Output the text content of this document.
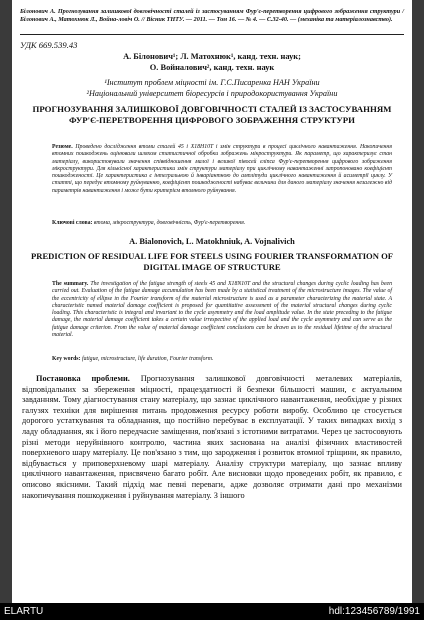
Білонович А. Прогнозування залишкової довговічності сталей із застосуванням Фур'є-перетворення цифрового зображення структури / Білонович А., Матохнюк Л., Война-ловіч О. // Вісник ТНТУ. — 2011. — Том 16. — № 4. — С.32-40. — (механіка та матеріалознавство).
УДК 669.539.43
А. Білонович¹; Л. Матохнюк¹, канд. техн. наук;
О. Войналович², канд. техн. наук
¹Інститут проблем міцності ім. Г.С.Писаренка НАН України
²Національний університет біоресурсів і природокористування України
ПРОГНОЗУВАННЯ ЗАЛИШКОВОЇ ДОВГОВІЧНОСТІ СТАЛЕЙ ІЗ ЗАСТОСУВАННЯМ ФУР'Є-ПЕРЕТВОРЕННЯ ЦИФРОВОГО ЗОБРАЖЕННЯ СТРУКТУРИ
Резюме. Проведено дослідження втоми сталей 45 і Х18Н10Т і змін структури в процесі циклічного навантаження. Накопичення втомних пошкоджень оцінювали шляхом статистичної обробки зображень мікроструктури. Як параметр, що характеризує стан матеріалу, використовували значення співвідношення малої і великої півосей еліпса Фур'є-перетворення цифрового зображення мікроструктури. Для кількісної характеристики змін структури матеріалу при циклічному навантаженні запропоновано коефіцієнт пошкодженості. Це характеристика є інтегральною й інваріантною до амплітуди циклічного навантаження й асиметрії циклу. У статті, що передує втомному руйнуванню, коефіцієнт пошкодженості набуває величини для даного матеріалу значення незалежно від параметрів навантаження і може бути критерієм втомного руйнування.
Ключові слова: втома, мікроструктура, довговічність, Фур'є-перетворення.
A. Bialonovich, L. Matokhniuk, A. Vojnalivich
PREDICTION OF RESIDUAL LIFE FOR STEELS USING FOURIER TRANSFORMATION OF DIGITAL IMAGE OF STRUCTURE
The summary. The investigation of the fatigue strength of steels 45 and X18N10T and the structural changes during cyclic loading has been carried out. Evaluation of the fatigue damage accumulation has been made by a statistical treatment of the microstructure images. The value of the eccentricity of ellipse in the Fourier transform of the material microstructure is used as a parameter characterizing the material state. A characteristic named material damage coefficient is proposed for quantitative assessment of the material structural changes during cyclic loading. This characteristic is integral and invariant to the cycle asymmetry and the load amplitude value. In the state preceding to the fatigue damage, the material damage coefficient takes a certain value irrespective of the applied load and the cycle asymmetry and can serve as the fatigue damage criterion. From the value of material damage coefficient conclusions can be drawn as to the residual lifetime of the structural material.
Key words: fatigue, microstructure, life duration, Fourier transform.
Постановка проблеми. Прогнозування залишкової довговічності металевих матеріалів, відповідальних за збереження міцності, працездатності й безпеки більшості машин, є актуальним завданням. Тому діагностування стану матеріалу, що зазнає циклічного навантаження, необхідне у різних галузях техніки для вирішення питань продовження ресурсу роботи виробу. Особливо це стосується дорогого устаткування та обладнання, що постійно перебуває в експлуатації. У таких випадках вихід з ладу обладнання, як і його передчасне заміщення, пов'язані з істотними витратами. Через це застосовують різні методи неруйнівного контролю, частина яких заснована на аналізі фізичних властивостей поверхневого шару матеріалу. Це пов'язано з тим, що зародження і розвиток втомної тріщини, як правило, відбувається у приповерхневому шарі матеріалу. Аналізу структури матеріалу, що зазнає впливу циклічного навантаження, присвячено багато робіт. Але висновки щодо проведених робіт, як правило, є описово якісними. Такий підхід має певні переваги, адже дозволяє отримати дані про механізми накопичування пошкодження і руйнування матеріалу. З іншого
ELARTU	hdl:123456789/1991
